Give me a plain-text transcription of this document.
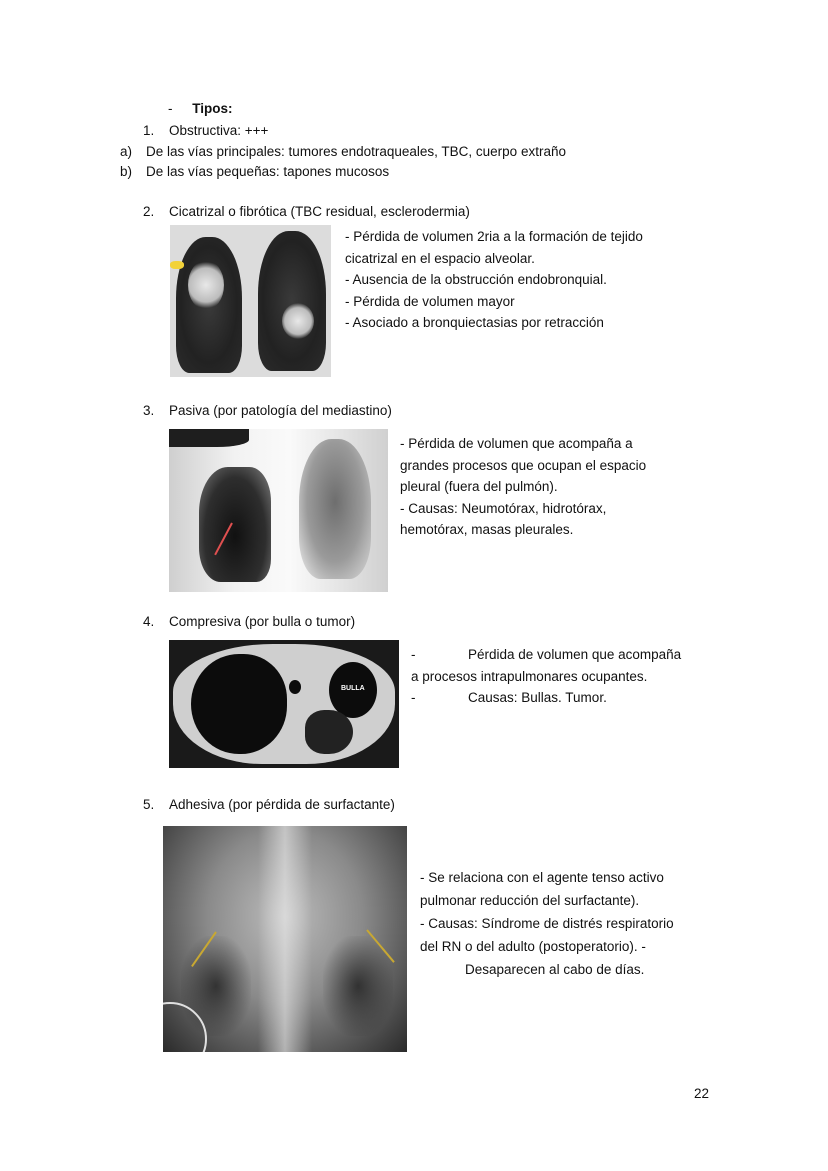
- Tipos:
1. Obstructiva: +++
a) De las vías principales: tumores endotraqueales, TBC, cuerpo extraño
b) De las vías pequeñas: tapones mucosos
2. Cicatrizal o fibrótica (TBC residual, esclerodermia)
- Pérdida de volumen 2ria a la formación de tejido
cicatrizal en el espacio alveolar.
- Ausencia de la obstrucción endobronquial.
- Pérdida de volumen mayor
- Asociado a bronquiectasias por retracción
3. Pasiva (por patología del mediastino)
- Pérdida de volumen que acompaña a
grandes procesos que ocupan el espacio
pleural (fuera del pulmón).
- Causas: Neumotórax, hidrotórax,
hemotórax, masas pleurales.
4. Compresiva (por bulla o tumor)
BULLA
-              Pérdida de volumen que acompaña
a procesos intrapulmonares ocupantes.
-              Causas: Bullas. Tumor.
5. Adhesiva (por pérdida de surfactante)
- Se relaciona con el agente tenso activo
pulmonar reducción del surfactante).
- Causas: Síndrome de distrés respiratorio
del RN o del adulto (postoperatorio). -
Desaparecen al cabo de días.
22
